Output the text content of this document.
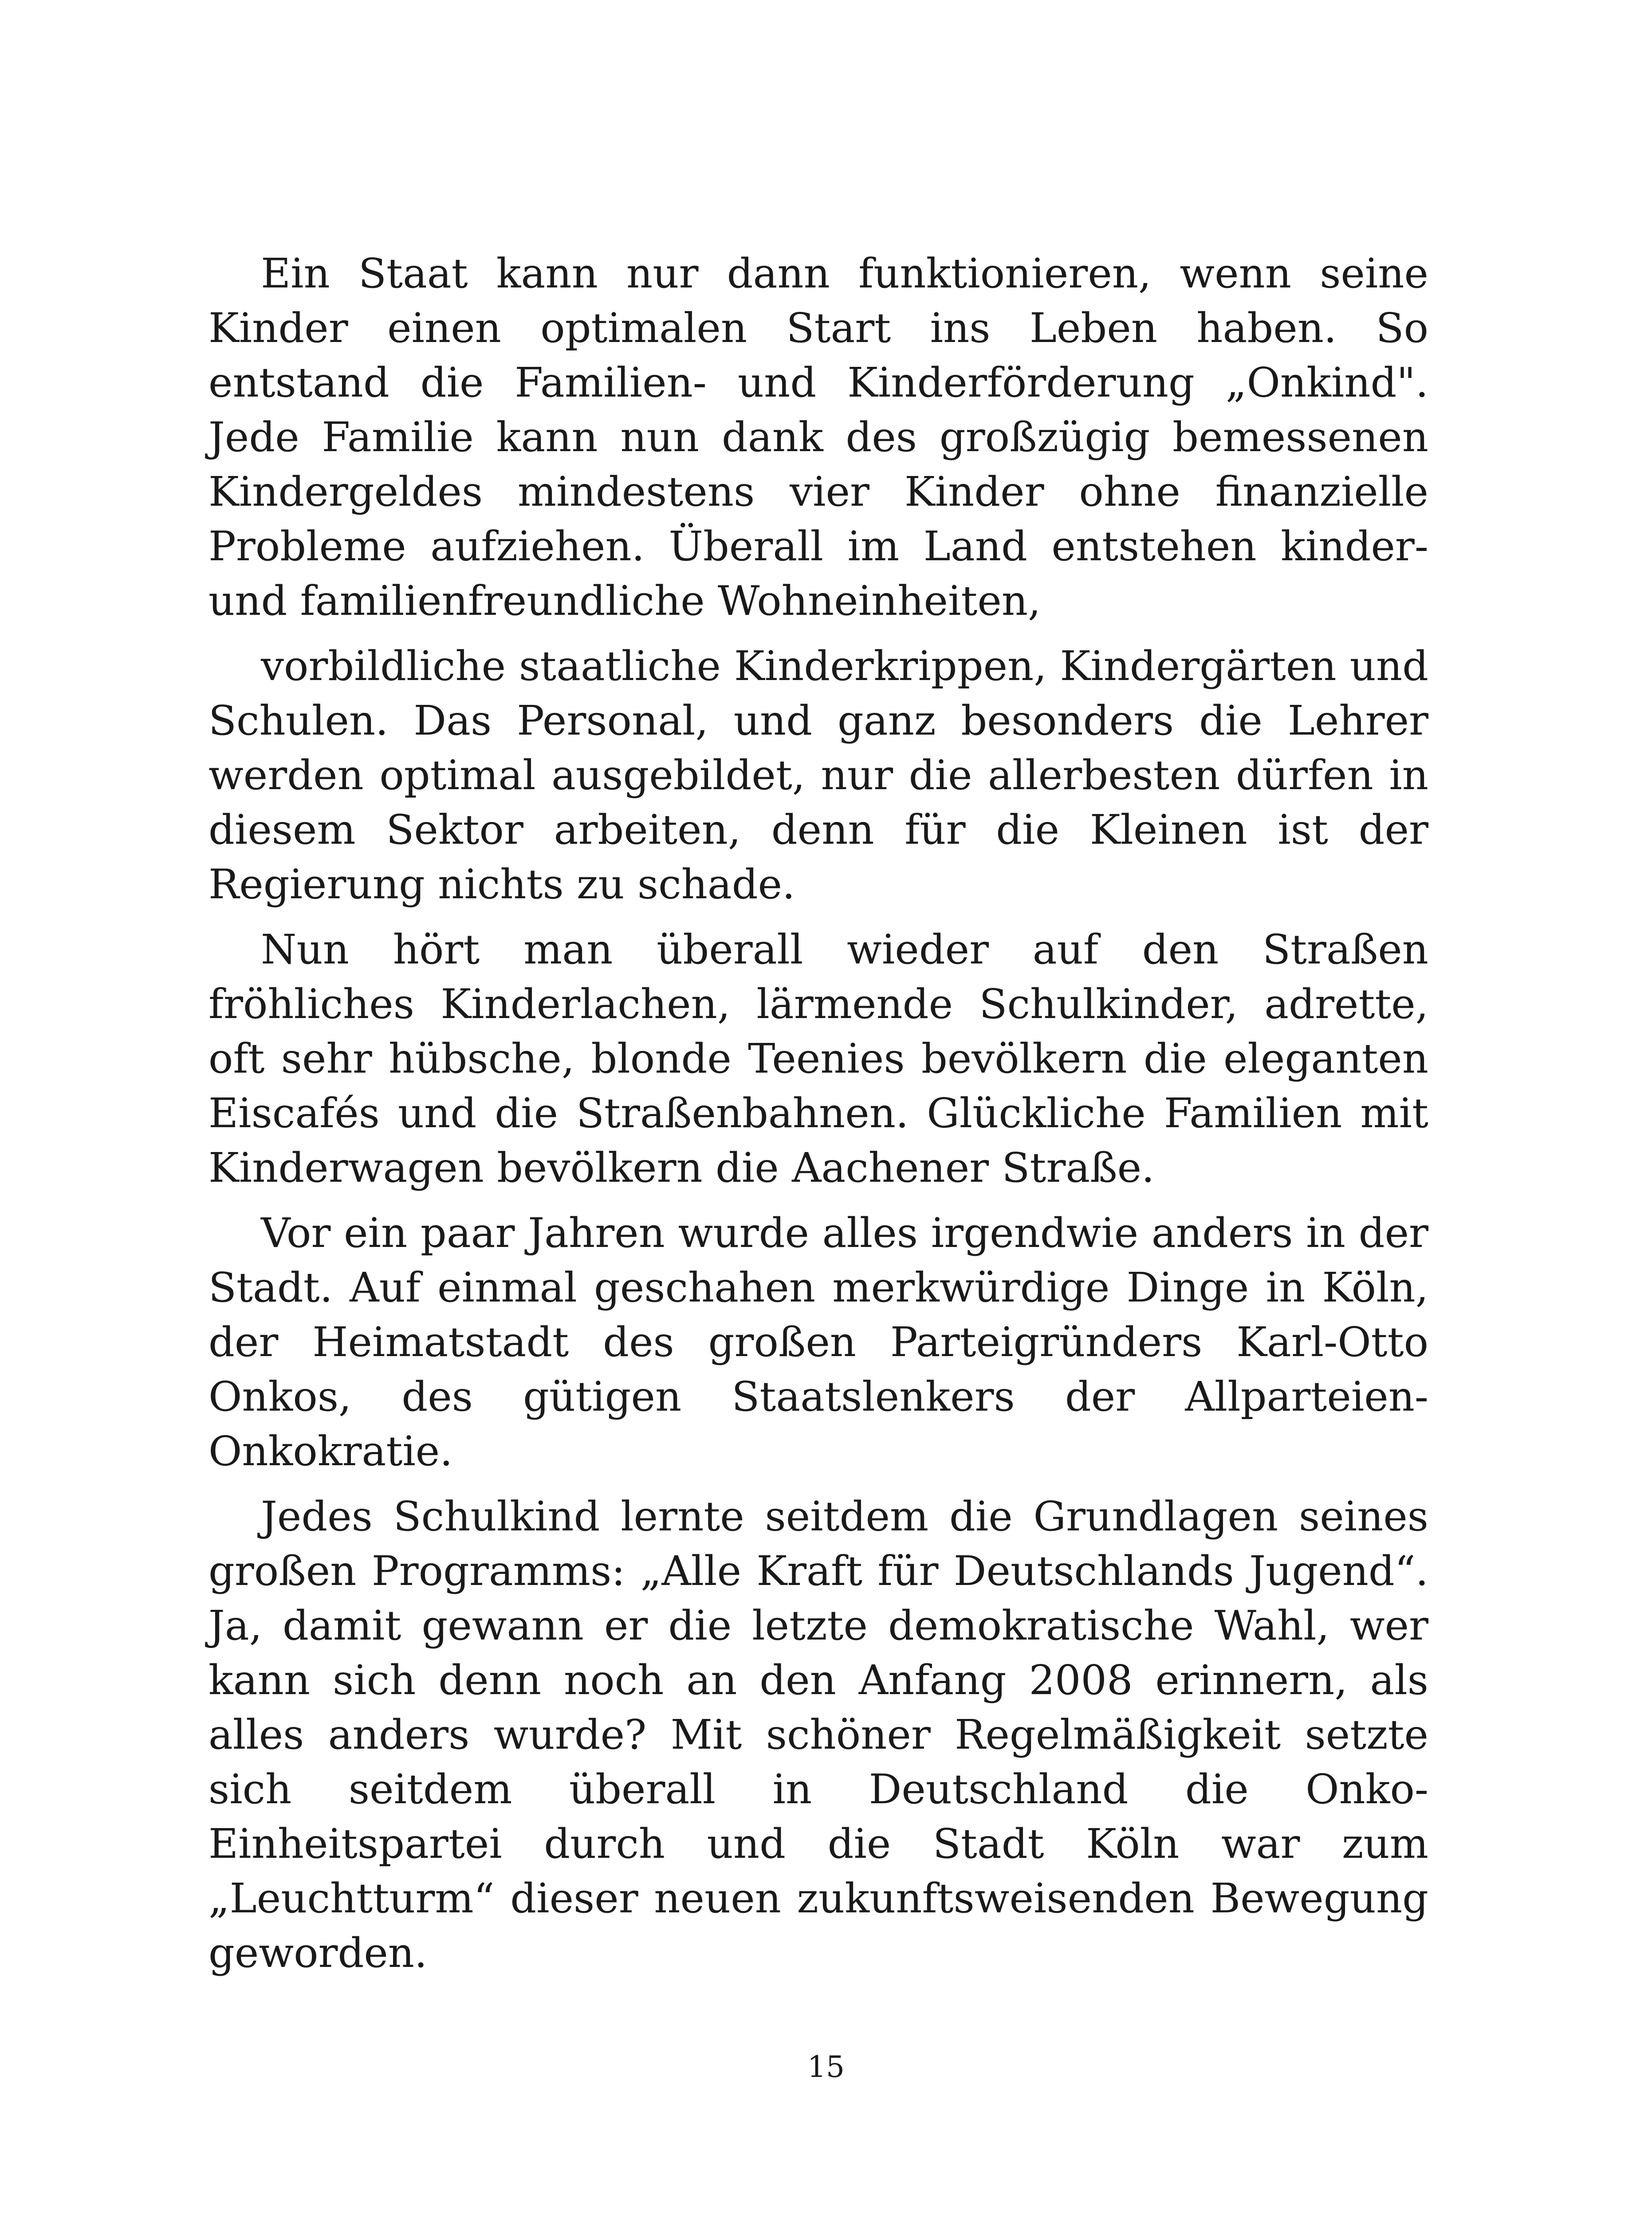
Ein Staat kann nur dann funktionieren, wenn seine Kinder einen optimalen Start ins Leben haben. So entstand die Familien- und Kinderförderung „Onkind". Jede Familie kann nun dank des großzügig bemessenen Kindergeldes mindestens vier Kinder ohne finanzielle Probleme aufziehen. Überall im Land entstehen kinder- und familienfreundliche Wohneinheiten,

vorbildliche staatliche Kinderkrippen, Kindergärten und Schulen. Das Personal, und ganz besonders die Lehrer werden optimal ausgebildet, nur die allerbesten dürfen in diesem Sektor arbeiten, denn für die Kleinen ist der Regierung nichts zu schade.

Nun hört man überall wieder auf den Straßen fröhliches Kinderlachen, lärmende Schulkinder, adrette, oft sehr hübsche, blonde Teenies bevölkern die eleganten Eiscafés und die Straßenbahnen. Glückliche Familien mit Kinderwagen bevölkern die Aachener Straße.

Vor ein paar Jahren wurde alles irgendwie anders in der Stadt. Auf einmal geschahen merkwürdige Dinge in Köln, der Heimatstadt des großen Parteigründers Karl-Otto Onkos, des gütigen Staatslenkers der Allparteien-Onkokratie.

Jedes Schulkind lernte seitdem die Grundlagen seines großen Programms: „Alle Kraft für Deutschlands Jugend“. Ja, damit gewann er die letzte demokratische Wahl, wer kann sich denn noch an den Anfang 2008 erinnern, als alles anders wurde? Mit schöner Regelmäßigkeit setzte sich seitdem überall in Deutschland die Onko-Einheitspartei durch und die Stadt Köln war zum „Leuchtturm“ dieser neuen zukunftsweisenden Bewegung geworden.

15
